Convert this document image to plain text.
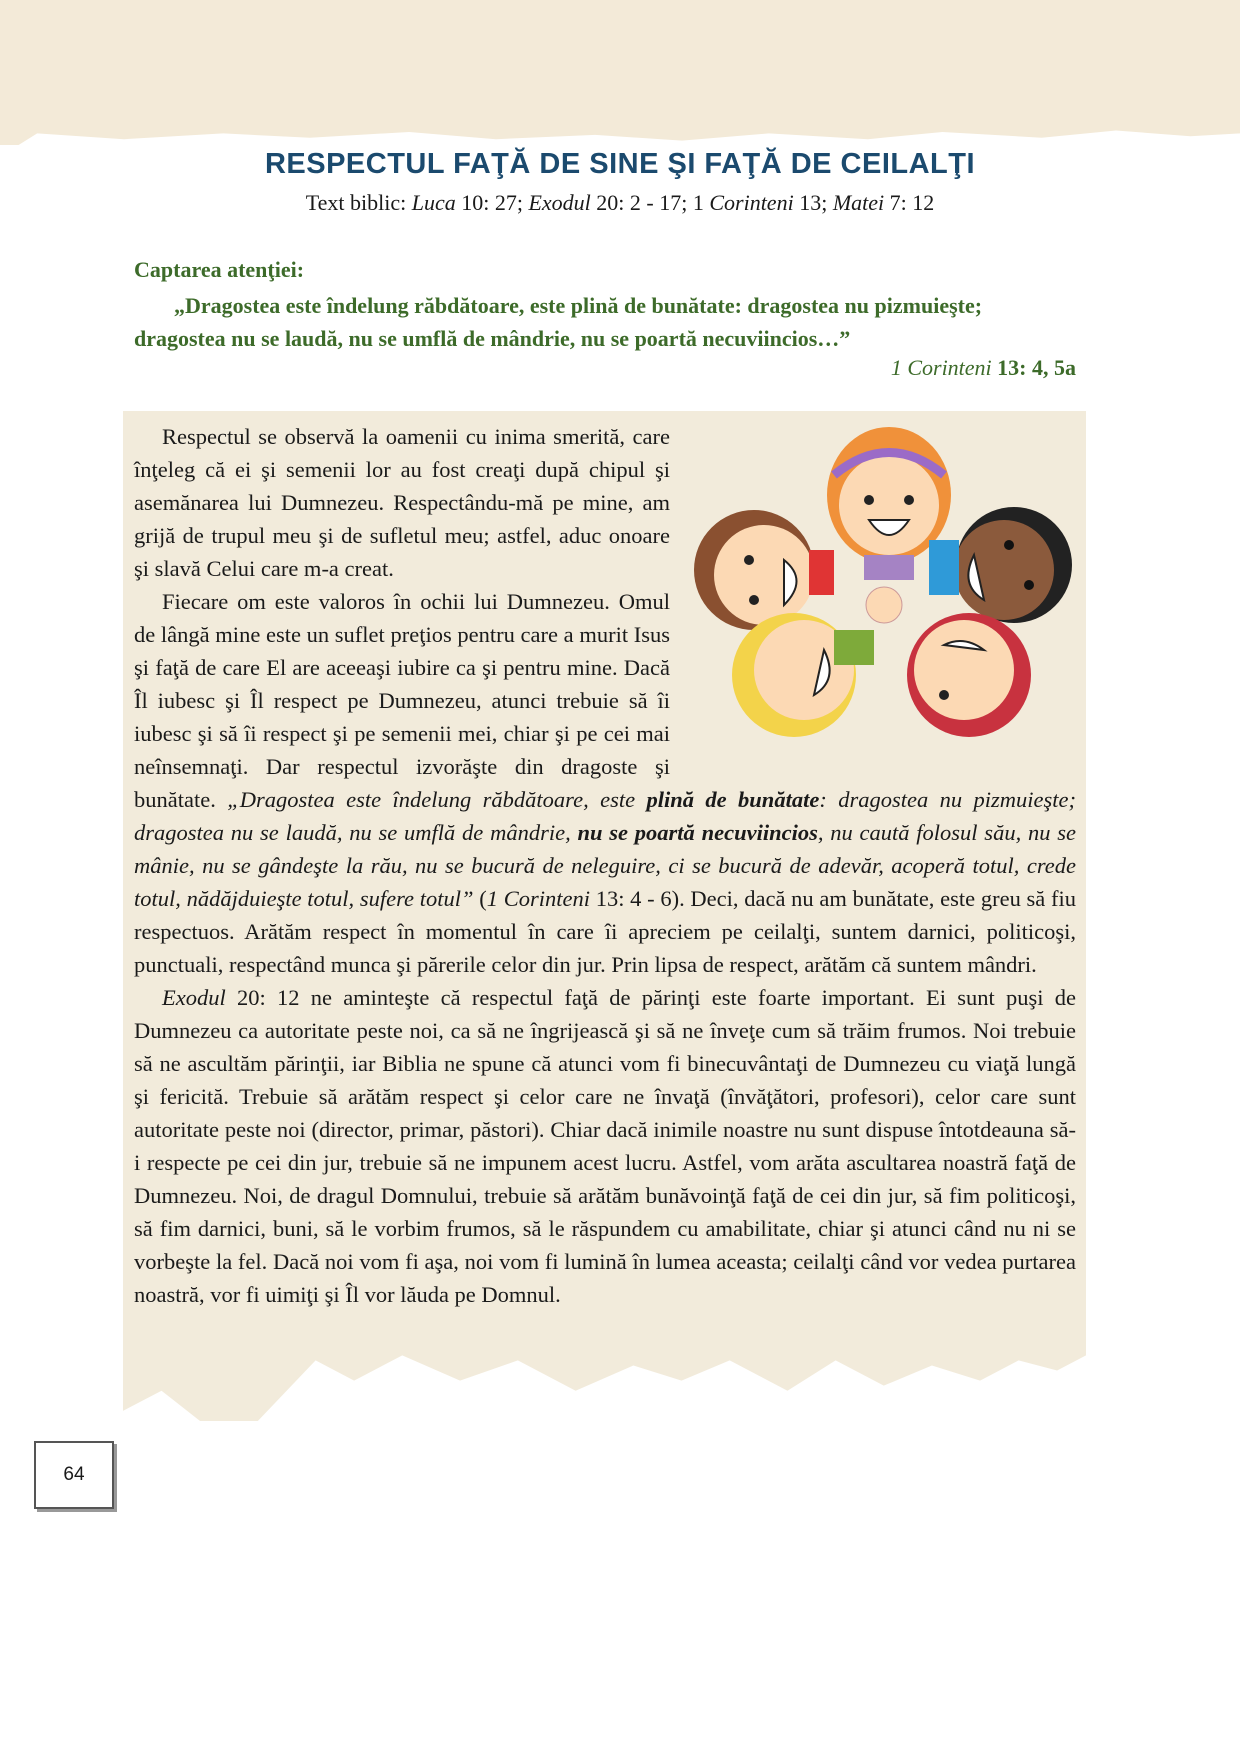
RESPECTUL FAŢĂ DE SINE ŞI FAŢĂ DE CEILALŢI
Text biblic: Luca 10: 27; Exodul 20: 2 - 17; 1 Corinteni 13; Matei 7: 12
Captarea atenţiei:
„Dragostea este îndelung răbdătoare, este plină de bunătate: dragostea nu pizmuieşte;
dragostea nu se laudă, nu se umflă de mândrie, nu se poartă necuviincios…”
1 Corinteni 13: 4, 5a

Respectul se observă la oamenii cu inima smerită, care înţeleg că ei şi semenii lor au fost creaţi după chipul şi asemănarea lui Dumnezeu. Respectându-mă pe mine, am grijă de trupul meu şi de sufletul meu; astfel, aduc onoare şi slavă Celui care m-a creat.

Fiecare om este valoros în ochii lui Dumnezeu. Omul de lângă mine este un suflet preţios pentru care a murit Isus şi faţă de care El are aceeaşi iubire ca şi pentru mine. Dacă Îl iubesc şi Îl respect pe Dumnezeu, atunci trebuie să îi iubesc şi să îi respect şi pe semenii mei, chiar şi pe cei mai neînsemnaţi. Dar respectul izvorăşte din dragoste şi bunătate. „Dragostea este îndelung răbdătoare, este plină de bunătate: dragostea nu pizmuieşte; dragostea nu se laudă, nu se umflă de mândrie, nu se poartă necuviincios, nu caută folosul său, nu se mânie, nu se gândeşte la rău, nu se bucură de neleguire, ci se bucură de adevăr, acoperă totul, crede totul, nădăjduieşte totul, sufere totul” (1 Corinteni 13: 4 - 6). Deci, dacă nu am bunătate, este greu să fiu respectuos. Arătăm respect în momentul în care îi apreciem pe ceilalţi, suntem darnici, politicoşi, punctuali, respectând munca şi părerile celor din jur. Prin lipsa de respect, arătăm că suntem mândri.

Exodul 20: 12 ne aminteşte că respectul faţă de părinţi este foarte important. Ei sunt puşi de Dumnezeu ca autoritate peste noi, ca să ne îngrijească şi să ne înveţe cum să trăim frumos. Noi trebuie să ne ascultăm părinţii, iar Biblia ne spune că atunci vom fi binecuvântaţi de Dumnezeu cu viaţă lungă şi fericită. Trebuie să arătăm respect şi celor care ne învaţă (învăţători, profesori), celor care sunt autoritate peste noi (director, primar, păstori). Chiar dacă inimile noastre nu sunt dispuse întotdeauna să-i respecte pe cei din jur, trebuie să ne impunem acest lucru. Astfel, vom arăta ascultarea noastră faţă de Dumnezeu. Noi, de dragul Domnului, trebuie să arătăm bunăvoinţă faţă de cei din jur, să fim politicoşi, să fim darnici, buni, să le vorbim frumos, să le răspundem cu amabilitate, chiar şi atunci când nu ni se vorbeşte la fel. Dacă noi vom fi aşa, noi vom fi lumină în lumea aceasta; ceilalţi când vor vedea purtarea noastră, vor fi uimiţi şi Îl vor lăuda pe Domnul.

64
